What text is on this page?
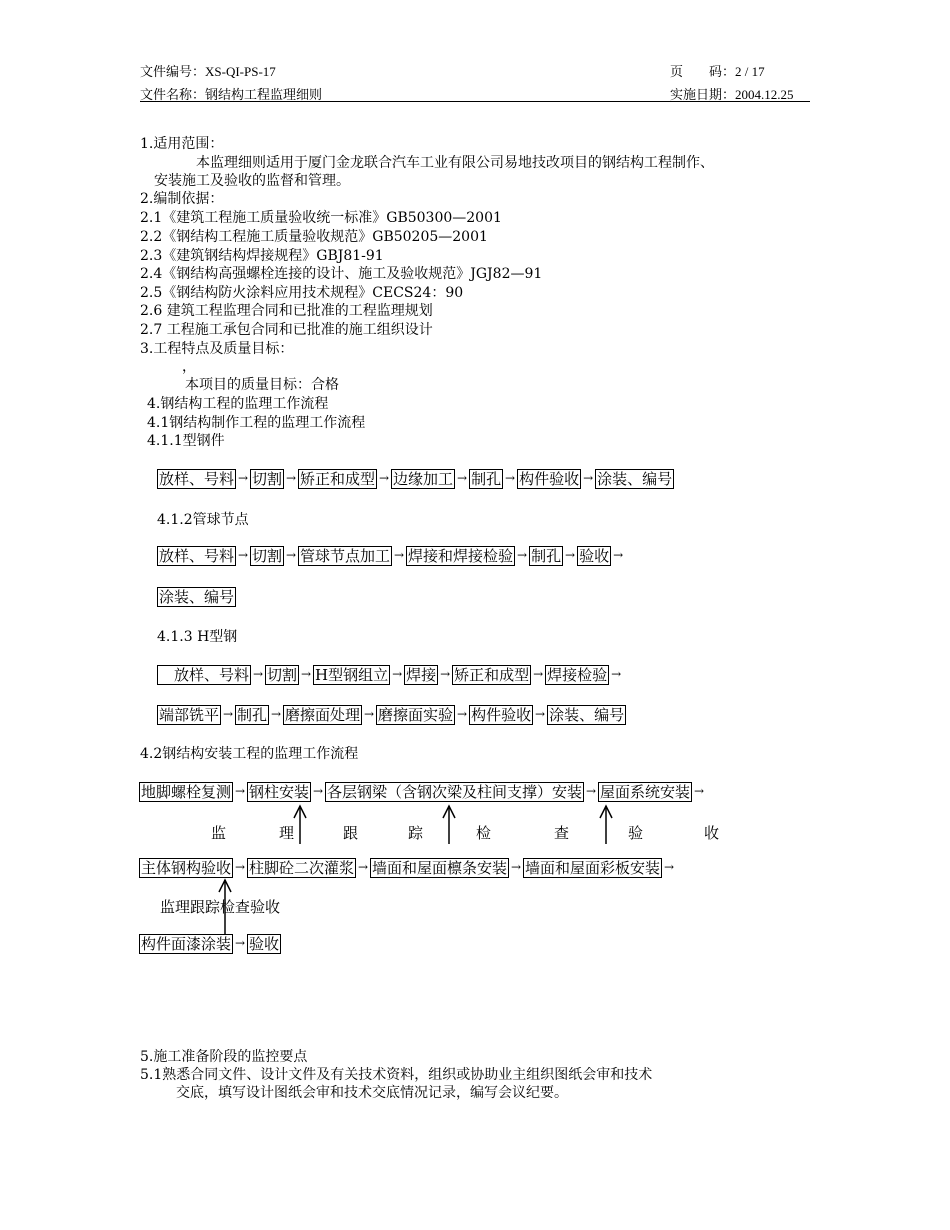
文件编号：XS-QI-PS-17	页　　码：2 / 17
文件名称：钢结构工程监理细则	实施日期：2004.12.25
1.适用范围：
本监理细则适用于厦门金龙联合汽车工业有限公司易地技改项目的钢结构工程制作、
安装施工及验收的监督和管理。
2.编制依据：
2.1《建筑工程施工质量验收统一标准》GB50300—2001
2.2《钢结构工程施工质量验收规范》GB50205—2001
2.3《建筑钢结构焊接规程》GBJ81-91
2.4《钢结构高强螺栓连接的设计、施工及验收规范》JGJ82—91
2.5《钢结构防火涂料应用技术规程》CECS24：90
2.6 建筑工程监理合同和已批准的工程监理规划
2.7 工程施工承包合同和已批准的施工组织设计
3.工程特点及质量目标：
，
本项目的质量目标：合格
4.钢结构工程的监理工作流程
4.1钢结构制作工程的监理工作流程
4.1.1型钢件
放样、号料 → 切割 → 矫正和成型 → 边缘加工 → 制孔 → 构件验收 → 涂装、编号
4.1.2管球节点
放样、号料 → 切割 → 管球节点加工 → 焊接和焊接检验 → 制孔 → 验收 →
涂装、编号
4.1.3 H型钢
　放样、号料 → 切割 → H型钢组立 → 焊接 → 矫正和成型 → 焊接检验 →
端部铣平 → 制孔 → 磨擦面处理 → 磨擦面实验 → 构件验收 → 涂装、编号
4.2钢结构安装工程的监理工作流程
地脚螺栓复测 → 钢柱安装 → 各层钢梁（含钢次梁及柱间支撑）安装 → 屋面系统安装 →
监	理	跟	踪	检	查	验	收
主体钢构验收 → 柱脚砼二次灌浆 → 墙面和屋面檩条安装 → 墙面和屋面彩板安装 →
监理跟踪检查验收
构件面漆涂装 → 验收
5.施工准备阶段的监控要点
5.1熟悉合同文件、设计文件及有关技术资料，组织或协助业主组织图纸会审和技术
交底，填写设计图纸会审和技术交底情况记录，编写会议纪要。
